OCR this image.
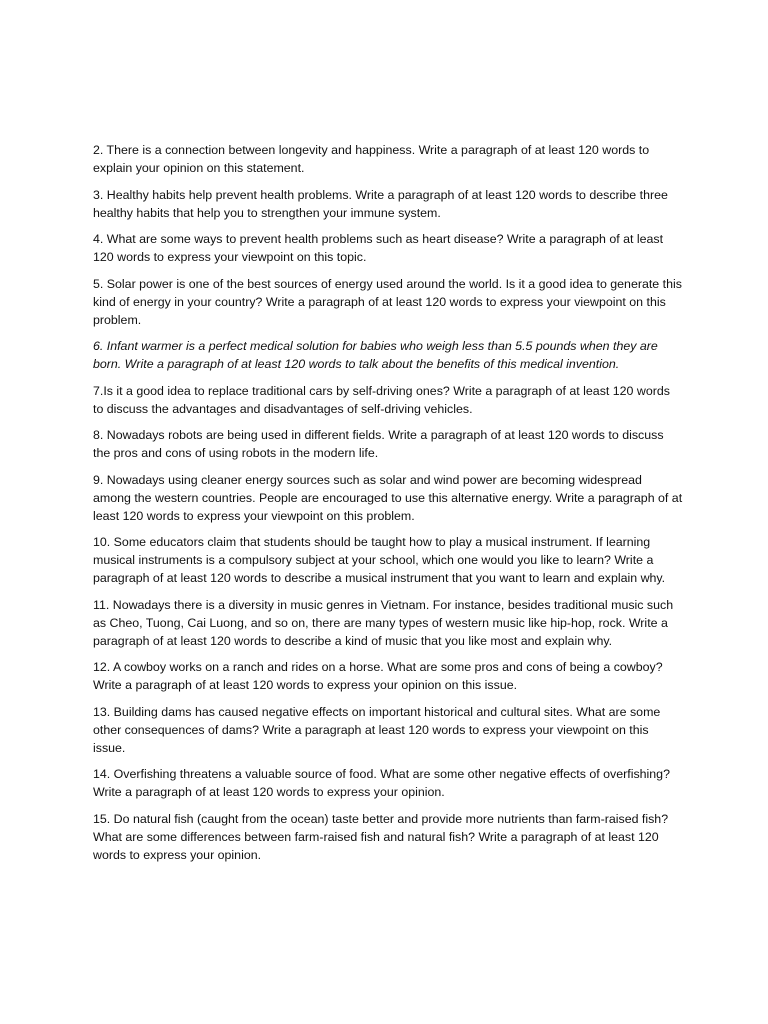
2. There is a connection between longevity and happiness. Write a paragraph of at least 120 words to explain your opinion on this statement.

3. Healthy habits help prevent health problems. Write a paragraph of at least 120 words to describe three healthy habits that help you to strengthen your immune system.

4. What are some ways to prevent health problems such as heart disease? Write a paragraph of at least 120 words to express your viewpoint on this topic.

5. Solar power is one of the best sources of energy used around the world. Is it a good idea to generate this kind of energy in your country? Write a paragraph of at least 120 words to express your viewpoint on this problem.

6. Infant warmer is a perfect medical solution for babies who weigh less than 5.5 pounds when they are born. Write a paragraph of at least 120 words to talk about the benefits of this medical invention.

7.Is it a good idea to replace traditional cars by self-driving ones? Write a paragraph of at least 120 words to discuss the advantages and disadvantages of self-driving vehicles.

8. Nowadays robots are being used in different fields. Write a paragraph of at least 120 words to discuss the pros and cons of using robots in the modern life.

9. Nowadays using cleaner energy sources such as solar and wind power are becoming widespread among the western countries. People are encouraged to use this alternative energy. Write a paragraph of at least 120 words to express your viewpoint on this problem.

10. Some educators claim that students should be taught how to play a musical instrument. If learning musical instruments is a compulsory subject at your school, which one would you like to learn? Write a paragraph of at least 120 words to describe a musical instrument that you want to learn and explain why.

11. Nowadays there is a diversity in music genres in Vietnam. For instance, besides traditional music such as Cheo, Tuong, Cai Luong, and so on, there are many types of western music like hip-hop, rock. Write a paragraph of at least 120 words to describe a kind of music that you like most and explain why.

12. A cowboy works on a ranch and rides on a horse. What are some pros and cons of being a cowboy? Write a paragraph of at least 120 words to express your opinion on this issue.

13. Building dams has caused negative effects on important historical and cultural sites. What are some other consequences of dams? Write a paragraph at least 120 words to express your viewpoint on this issue.

14. Overfishing threatens a valuable source of food. What are some other negative effects of overfishing? Write a paragraph of at least 120 words to express your opinion.

15. Do natural fish (caught from the ocean) taste better and provide more nutrients than farm-raised fish? What are some differences between farm-raised fish and natural fish? Write a paragraph of at least 120 words to express your opinion.
